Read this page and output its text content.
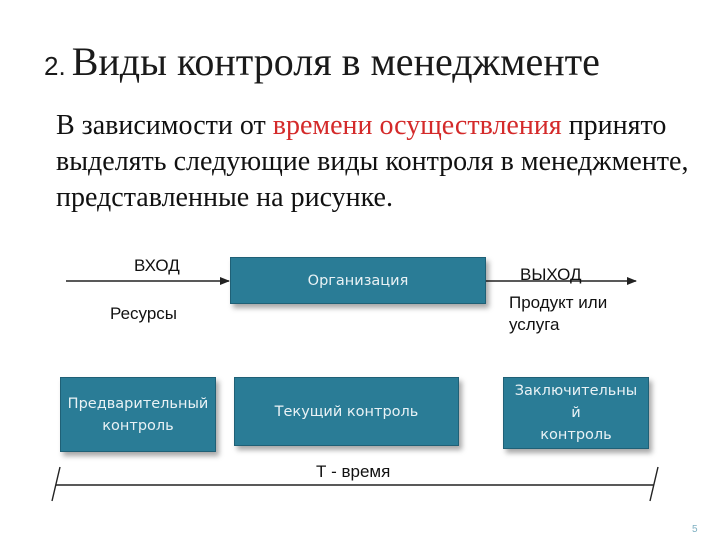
2. Виды контроля в менеджменте
В зависимости от времени осуществления принято выделять следующие виды контроля в менеджменте, представленные на рисунке.
ВХОД
Ресурсы
ВЫХОД
Продукт или
услуга
Т - время
Организация
Предварительный
контроль
Текущий контроль
Заключительны
й
контроль
5
